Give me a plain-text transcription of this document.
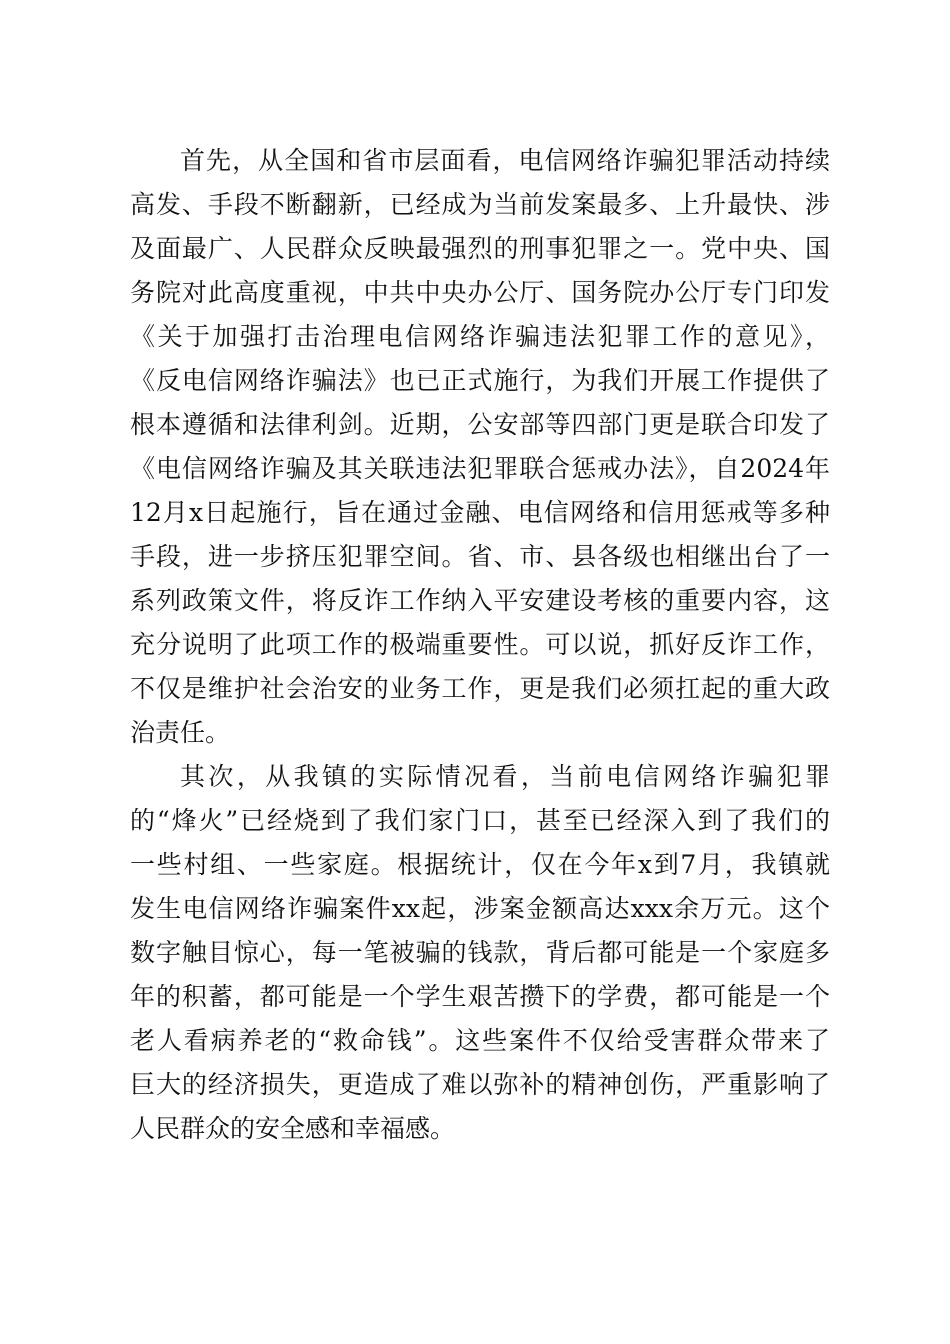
首先，从全国和省市层面看，电信网络诈骗犯罪活动持续
高发、手段不断翻新，已经成为当前发案最多、上升最快、涉
及面最广、人民群众反映最强烈的刑事犯罪之一。党中央、国
务院对此高度重视，中共中央办公厅、国务院办公厅专门印发
《关于加强打击治理电信网络诈骗违法犯罪工作的意见》，
《反电信网络诈骗法》也已正式施行，为我们开展工作提供了
根本遵循和法律利剑。近期，公安部等四部门更是联合印发了
《电信网络诈骗及其关联违法犯罪联合惩戒办法》，自2024年
12月x日起施行，旨在通过金融、电信网络和信用惩戒等多种
手段，进一步挤压犯罪空间。省、市、县各级也相继出台了一
系列政策文件，将反诈工作纳入平安建设考核的重要内容，这
充分说明了此项工作的极端重要性。可以说，抓好反诈工作，
不仅是维护社会治安的业务工作，更是我们必须扛起的重大政
治责任。
其次，从我镇的实际情况看，当前电信网络诈骗犯罪
的“烽火”已经烧到了我们家门口，甚至已经深入到了我们的
一些村组、一些家庭。根据统计，仅在今年x到7月，我镇就
发生电信网络诈骗案件xx起，涉案金额高达xxx余万元。这个
数字触目惊心，每一笔被骗的钱款，背后都可能是一个家庭多
年的积蓄，都可能是一个学生艰苦攒下的学费，都可能是一个
老人看病养老的“救命钱”。这些案件不仅给受害群众带来了
巨大的经济损失，更造成了难以弥补的精神创伤，严重影响了
人民群众的安全感和幸福感。
